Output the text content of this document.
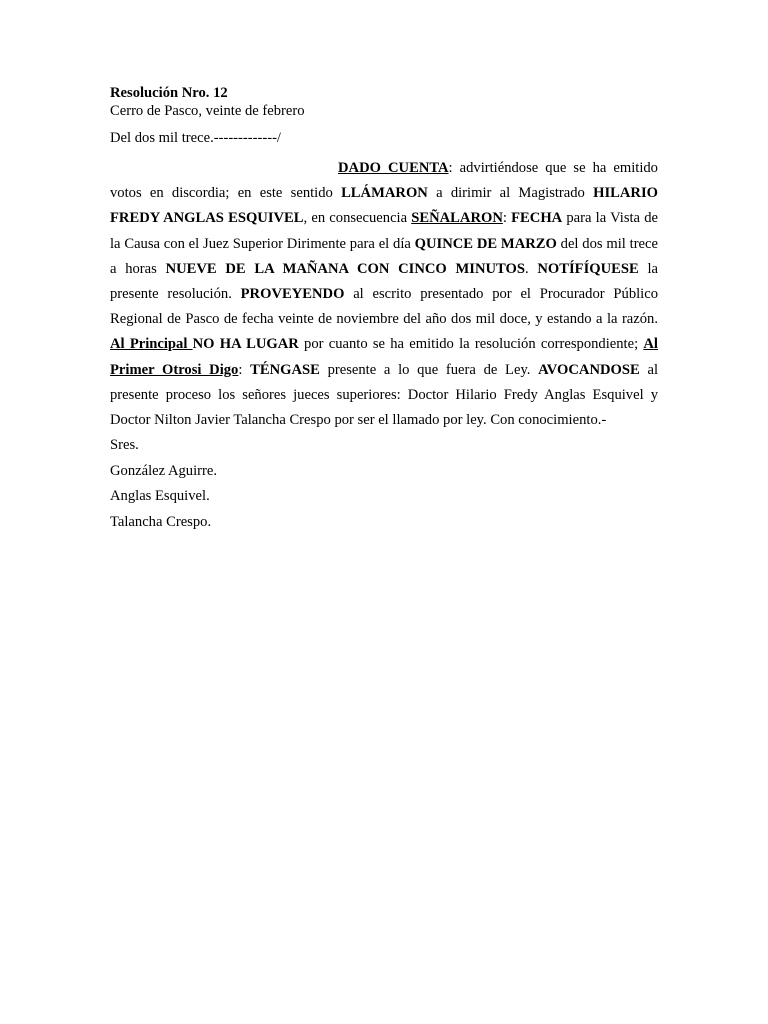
Resolución Nro. 12
Cerro de Pasco, veinte de febrero
Del dos mil trece.-------------/

DADO CUENTA: advirtiéndose que se ha emitido votos en discordia; en este sentido LLÁMARON a dirimir al Magistrado HILARIO FREDY ANGLAS ESQUIVEL, en consecuencia SEÑALARON: FECHA para la Vista de la Causa con el Juez Superior Dirimente para el día QUINCE DE MARZO del dos mil trece a horas NUEVE DE LA MAÑANA CON CINCO MINUTOS. NOTÍFÍQUESE la presente resolución. PROVEYENDO al escrito presentado por el Procurador Público Regional de Pasco de fecha veinte de noviembre del año dos mil doce, y estando a la razón. Al Principal NO HA LUGAR por cuanto se ha emitido la resolución correspondiente; Al Primer Otrosi Digo: TÉNGASE presente a lo que fuera de Ley. AVOCANDOSE al presente proceso los señores jueces superiores: Doctor Hilario Fredy Anglas Esquivel y Doctor Nilton Javier Talancha Crespo por ser el llamado por ley. Con conocimiento.-

Sres.
González Aguirre.
Anglas Esquivel.
Talancha Crespo.
